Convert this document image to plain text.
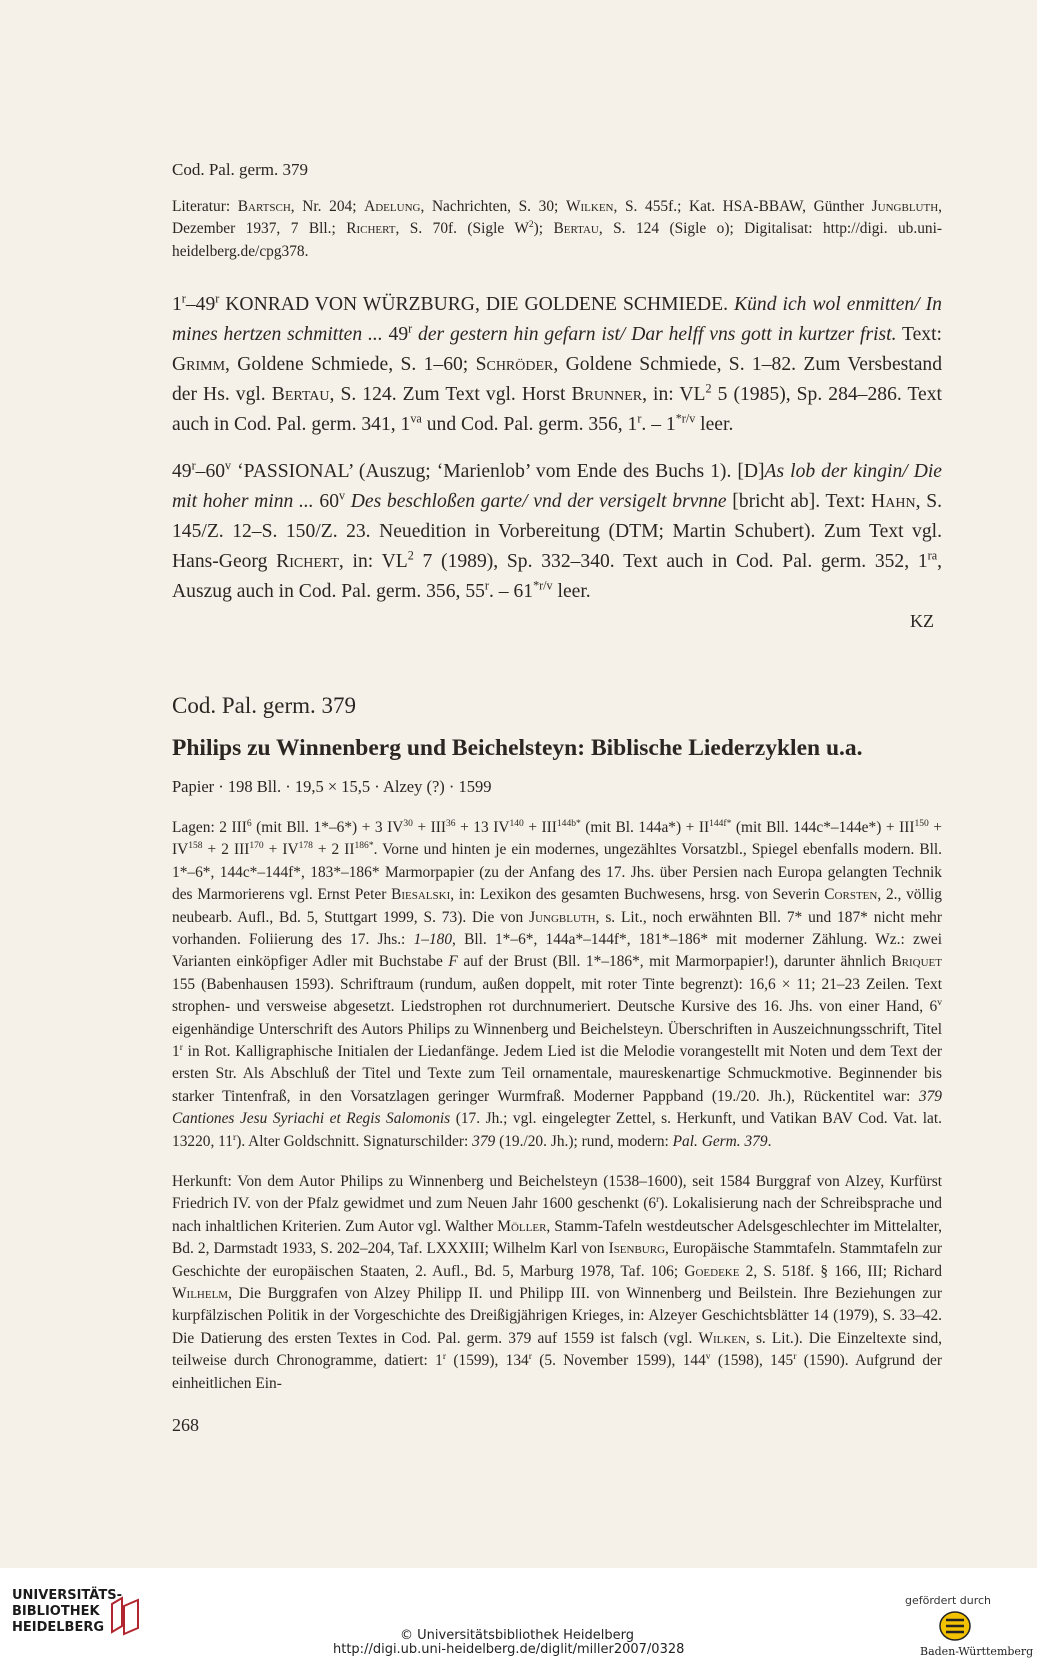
Cod. Pal. germ. 379

Literatur: Bartsch, Nr. 204; Adelung, Nachrichten, S. 30; Wilken, S. 455f.; Kat. HSA-BBAW, Günther Jungbluth, Dezember 1937, 7 Bll.; Richert, S. 70f. (Sigle $W^2$); Bertau, S. 124 (Sigle o); Digitalisat: http://digi. ub.uni-heidelberg.de/cpg378.

1$^r$–49$^r$ KONRAD VON WÜRZBURG, DIE GOLDENE SCHMIEDE. Künd ich wol enmitten/ In mines hertzen schmitten ... 49$^r$ der gestern hin gefarn ist/ Dar helff vns gott in kurtzer frist. Text: Grimm, Goldene Schmiede, S. 1–60; Schröder, Goldene Schmiede, S. 1–82. Zum Versbestand der Hs. vgl. Bertau, S. 124. Zum Text vgl. Horst Brunner, in: $VL^2$ 5 (1985), Sp. 284–286. Text auch in Cod. Pal. germ. 341, $1^{va}$ und Cod. Pal. germ. 356, 1$^r$. – $1^{*r/v}$ leer.

49$^r$–60$^v$ ‘PASSIONAL’ (Auszug; ‘Marienlob’ vom Ende des Buchs 1). [D]As lob der kingin/ Die mit hoher minn ... 60$^v$ Des beschloßen garte/ vnd der versigelt brvnne [bricht ab]. Text: Hahn, S. 145/Z. 12–S. 150/Z. 23. Neuedition in Vorbereitung (DTM; Martin Schubert). Zum Text vgl. Hans-Georg Richert, in: $VL^2$ 7 (1989), Sp. 332–340. Text auch in Cod. Pal. germ. 352, $1^{ra}$, Auszug auch in Cod. Pal. germ. 356, 55$^r$. – $61^{*r/v}$ leer.

KZ
Cod. Pal. germ. 379
Philips zu Winnenberg und Beichelsteyn: Biblische Liederzyklen u.a.
Papier · 198 Bll. · 19,5 × 15,5 · Alzey (?) · 1599

Lagen: 2 III$^6$ (mit Bll. 1*–6*) + 3 $IV^{30} + III^{36} + 13$ $IV^{140} + III^{144b*}$ (mit Bl. $144a*) + II^{144f*}$ (mit Bll. $144c*-144e*) + III^{150} + IV^{158} + 2$ $III^{170} + IV^{178} + 2$ $II^{186*}$. Vorne und hinten je ein modernes, ungezähltes Vorsatzbl., Spiegel ebenfalls modern. Bll. 1*–6*, 144c*–144f*, 183*–186* Marmorpapier (zu der Anfang des 17. Jhs. über Persien nach Europa gelangten Technik des Marmorierens vgl. Ernst Peter Biesalski, in: Lexikon des gesamten Buchwesens, hrsg. von Severin Corsten, 2., völlig neubearb. Aufl., Bd. 5, Stuttgart 1999, S. 73). Die von Jungbluth, s. Lit., noch erwähnten Bll. 7* und 187* nicht mehr vorhanden. Foliierung des 17. Jhs.: 1–180, Bll. 1*–6*, 144a*–144f*, 181*–186* mit moderner Zählung. Wz.: zwei Varianten einköpfiger Adler mit Buchstabe F auf der Brust (Bll. 1*–186*, mit Marmorpapier!), darunter ähnlich Briquet 155 (Babenhausen 1593). Schriftraum (rundum, außen doppelt, mit roter Tinte begrenzt): 16,6 × 11; 21–23 Zeilen. Text strophen- und versweise abgesetzt. Liedstrophen rot durchnumeriert. Deutsche Kursive des 16. Jhs. von einer Hand, 6$^v$ eigenhändige Unterschrift des Autors Philips zu Winnenberg und Beichelsteyn. Überschriften in Auszeichnungsschrift, Titel 1$^r$ in Rot. Kalligraphische Initialen der Liedanfänge. Jedem Lied ist die Melodie vorangestellt mit Noten und dem Text der ersten Str. Als Abschluß der Titel und Texte zum Teil ornamentale, maureskenartige Schmuckmotive. Beginnender bis starker Tintenfraß, in den Vorsatzlagen geringer Wurmfraß. Moderner Pappband (19./20. Jh.), Rückentitel war: 379 Cantiones Jesu Syriachi et Regis Salomonis (17. Jh.; vgl. eingelegter Zettel, s. Herkunft, und Vatikan BAV Cod. Vat. lat. 13220, 11$^r$). Alter Goldschnitt. Signaturschilder: 379 (19./20. Jh.); rund, modern: Pal. Germ. 379.

Herkunft: Von dem Autor Philips zu Winnenberg und Beichelsteyn (1538–1600), seit 1584 Burggraf von Alzey, Kurfürst Friedrich IV. von der Pfalz gewidmet und zum Neuen Jahr 1600 geschenkt (6$^r$). Lokalisierung nach der Schreibsprache und nach inhaltlichen Kriterien. Zum Autor vgl. Walther Möller, Stamm-Tafeln westdeutscher Adelsgeschlechter im Mittelalter, Bd. 2, Darmstadt 1933, S. 202–204, Taf. LXXXIII; Wilhelm Karl von Isenburg, Europäische Stammtafeln. Stammtafeln zur Geschichte der europäischen Staaten, 2. Aufl., Bd. 5, Marburg 1978, Taf. 106; Goedeke 2, S. 518f. § 166, III; Richard Wilhelm, Die Burggrafen von Alzey Philipp II. und Philipp III. von Winnenberg und Beilstein. Ihre Beziehungen zur kurpfälzischen Politik in der Vorgeschichte des Dreißigjährigen Krieges, in: Alzeyer Geschichtsblätter 14 (1979), S. 33–42. Die Datierung des ersten Textes in Cod. Pal. germ. 379 auf 1559 ist falsch (vgl. Wilken, s. Lit.). Die Einzeltexte sind, teilweise durch Chronogramme, datiert: 1$^r$ (1599), 134$^r$ (5. November 1599), 144$^v$ (1598), 145$^r$ (1590). Aufgrund der einheitlichen Ein-

268
UNIVERSITÄTS-
BIBLIOTHEK
HEIDELBERG
© Universitätsbibliothek Heidelberg
http://digi.ub.uni-heidelberg.de/diglit/miller2007/0328
gefördert durch
Baden-Württemberg
